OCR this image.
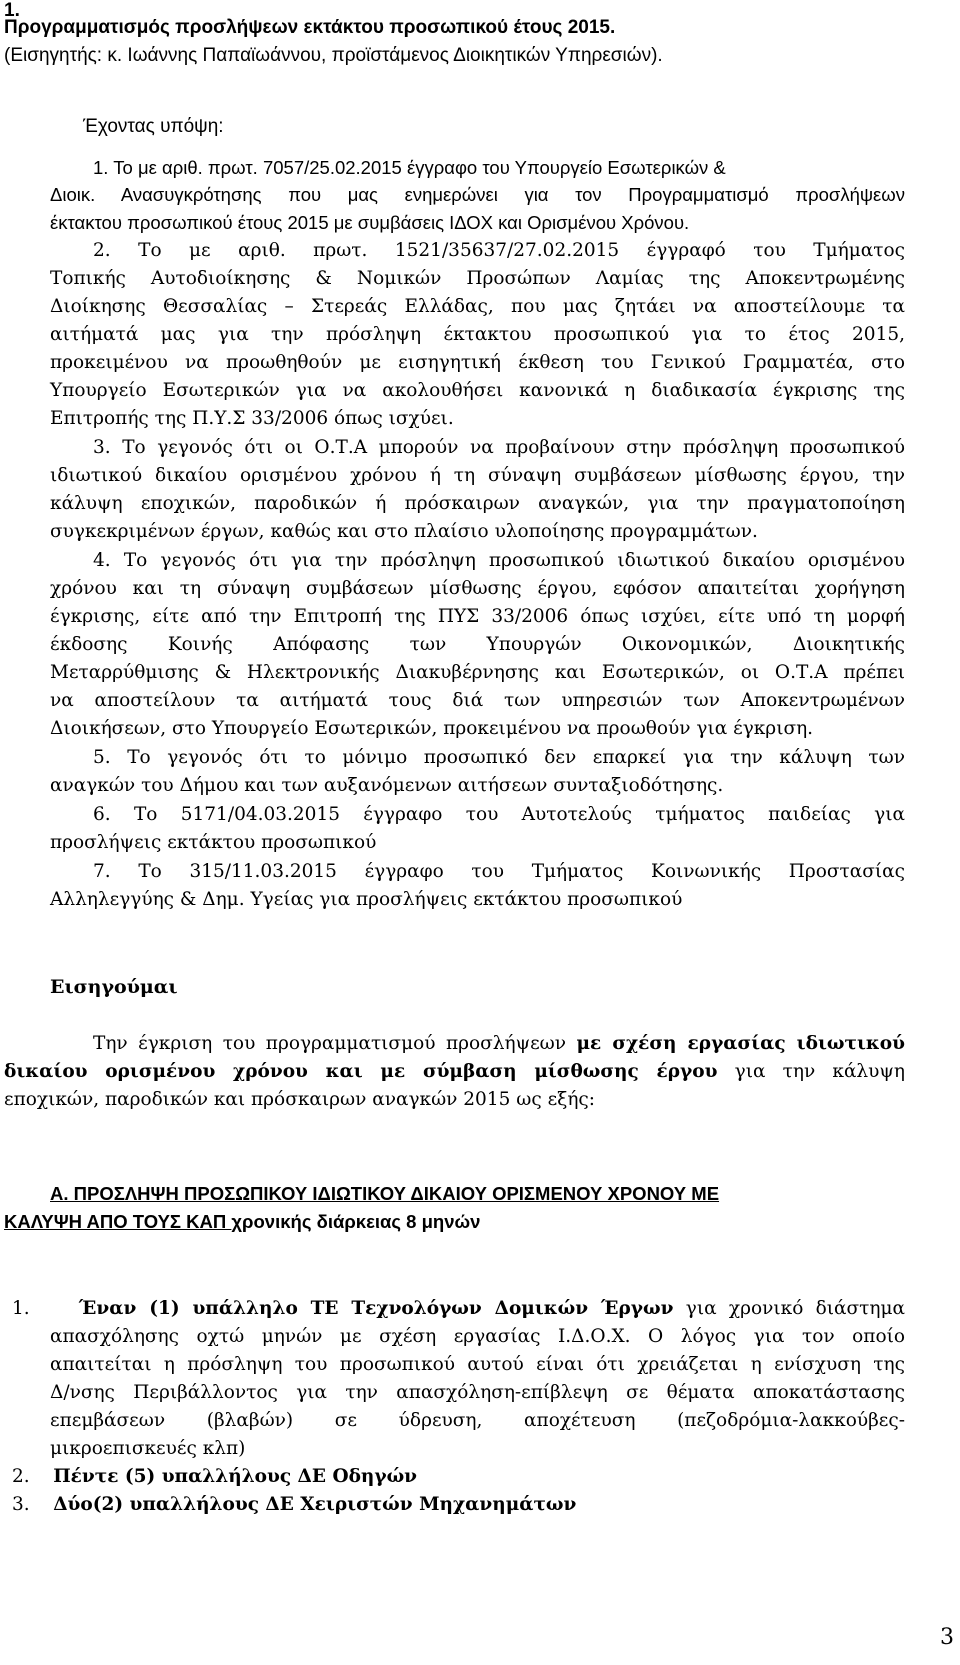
1.
Προγραμματισμός προσλήψεων εκτάκτου προσωπικού έτους 2015.
(Εισηγητής: κ. Ιωάννης Παπαϊωάννου, προϊστάμενος Διοικητικών Υπηρεσιών).
Έχοντας υπόψη:
1. Το με αριθ. πρωτ. 7057/25.02.2015 έγγραφο του Υπουργείο Εσωτερικών &
Διοικ. Ανασυγκρότησης που μας ενημερώνει για τον Προγραμματισμό προσλήψεων
έκτακτου προσωπικού έτους 2015 με συμβάσεις ΙΔΟΧ και Ορισμένου Χρόνου.
2. Το με αριθ. πρωτ. 1521/35637/27.02.2015 έγγραφό του Τμήματος
Τοπικής Αυτοδιοίκησης & Νομικών Προσώπων Λαμίας της Αποκεντρωμένης
Διοίκησης Θεσσαλίας – Στερεάς Ελλάδας, που μας ζητάει να αποστείλουμε τα
αιτήματά μας για την πρόσληψη έκτακτου προσωπικού για το έτος 2015,
προκειμένου να προωθηθούν με εισηγητική έκθεση του Γενικού Γραμματέα, στο
Υπουργείο Εσωτερικών για να ακολουθήσει κανονικά η διαδικασία έγκρισης της
Επιτροπής της Π.Υ.Σ 33/2006 όπως ισχύει.
3. Το γεγονός ότι οι Ο.Τ.Α μπορούν να προβαίνουν στην πρόσληψη προσωπικού
ιδιωτικού δικαίου ορισμένου χρόνου ή τη σύναψη συμβάσεων μίσθωσης έργου, την
κάλυψη εποχικών, παροδικών ή πρόσκαιρων αναγκών, για την πραγματοποίηση
συγκεκριμένων έργων, καθώς και στο πλαίσιο υλοποίησης προγραμμάτων.
4. Το γεγονός ότι για την πρόσληψη προσωπικού ιδιωτικού δικαίου ορισμένου
χρόνου και τη σύναψη συμβάσεων μίσθωσης έργου, εφόσον απαιτείται χορήγηση
έγκρισης, είτε από την Επιτροπή της ΠΥΣ 33/2006 όπως ισχύει, είτε υπό τη μορφή
έκδοσης Κοινής Απόφασης των Υπουργών Οικονομικών, Διοικητικής
Μεταρρύθμισης & Ηλεκτρονικής Διακυβέρνησης και Εσωτερικών, οι Ο.Τ.Α πρέπει
να αποστείλουν τα αιτήματά τους διά των υπηρεσιών των Αποκεντρωμένων
Διοικήσεων, στο Υπουργείο Εσωτερικών, προκειμένου να προωθούν για έγκριση.
5. Το γεγονός ότι το μόνιμο προσωπικό δεν επαρκεί για την κάλυψη των
αναγκών του Δήμου και των αυξανόμενων αιτήσεων συνταξιοδότησης.
6. Το 5171/04.03.2015 έγγραφο του Αυτοτελούς τμήματος παιδείας για
προσλήψεις εκτάκτου προσωπικού
7. Το 315/11.03.2015 έγγραφο του Τμήματος Κοινωνικής Προστασίας
Αλληλεγγύης & Δημ. Υγείας για προσλήψεις εκτάκτου προσωπικού
Εισηγούμαι
Την έγκριση του προγραμματισμού προσλήψεων με σχέση εργασίας ιδιωτικού
δικαίου ορισμένου χρόνου και με σύμβαση μίσθωσης έργου για την κάλυψη
εποχικών, παροδικών και πρόσκαιρων αναγκών 2015 ως εξής:
Α. ΠΡΟΣΛΗΨΗ ΠΡΟΣΩΠΙΚΟΥ ΙΔΙΩΤΙΚΟΥ ΔΙΚΑΙΟΥ ΟΡΙΣΜΕΝΟΥ ΧΡΟΝΟΥ ΜΕ
ΚΑΛΥΨΗ ΑΠΟ ΤΟΥΣ ΚΑΠ χρονικής διάρκειας 8 μηνών
1.	Έναν (1) υπάλληλο ΤΕ Τεχνολόγων Δομικών Έργων για χρονικό διάστημα
απασχόλησης οχτώ μηνών με σχέση εργασίας Ι.Δ.Ο.Χ. Ο λόγος για τον οποίο
απαιτείται η πρόσληψη του προσωπικού αυτού είναι ότι χρειάζεται η ενίσχυση της
Δ/νσης Περιβάλλοντος για την απασχόληση-επίβλεψη σε θέματα αποκατάστασης
επεμβάσεων (βλαβών) σε ύδρευση, αποχέτευση (πεζοδρόμια-λακκούβες-
μικροεπισκευές κλπ)
2. Πέντε (5) υπαλλήλους ΔΕ Οδηγών
3. Δύο(2) υπαλλήλους ΔΕ Χειριστών Μηχανημάτων
3
